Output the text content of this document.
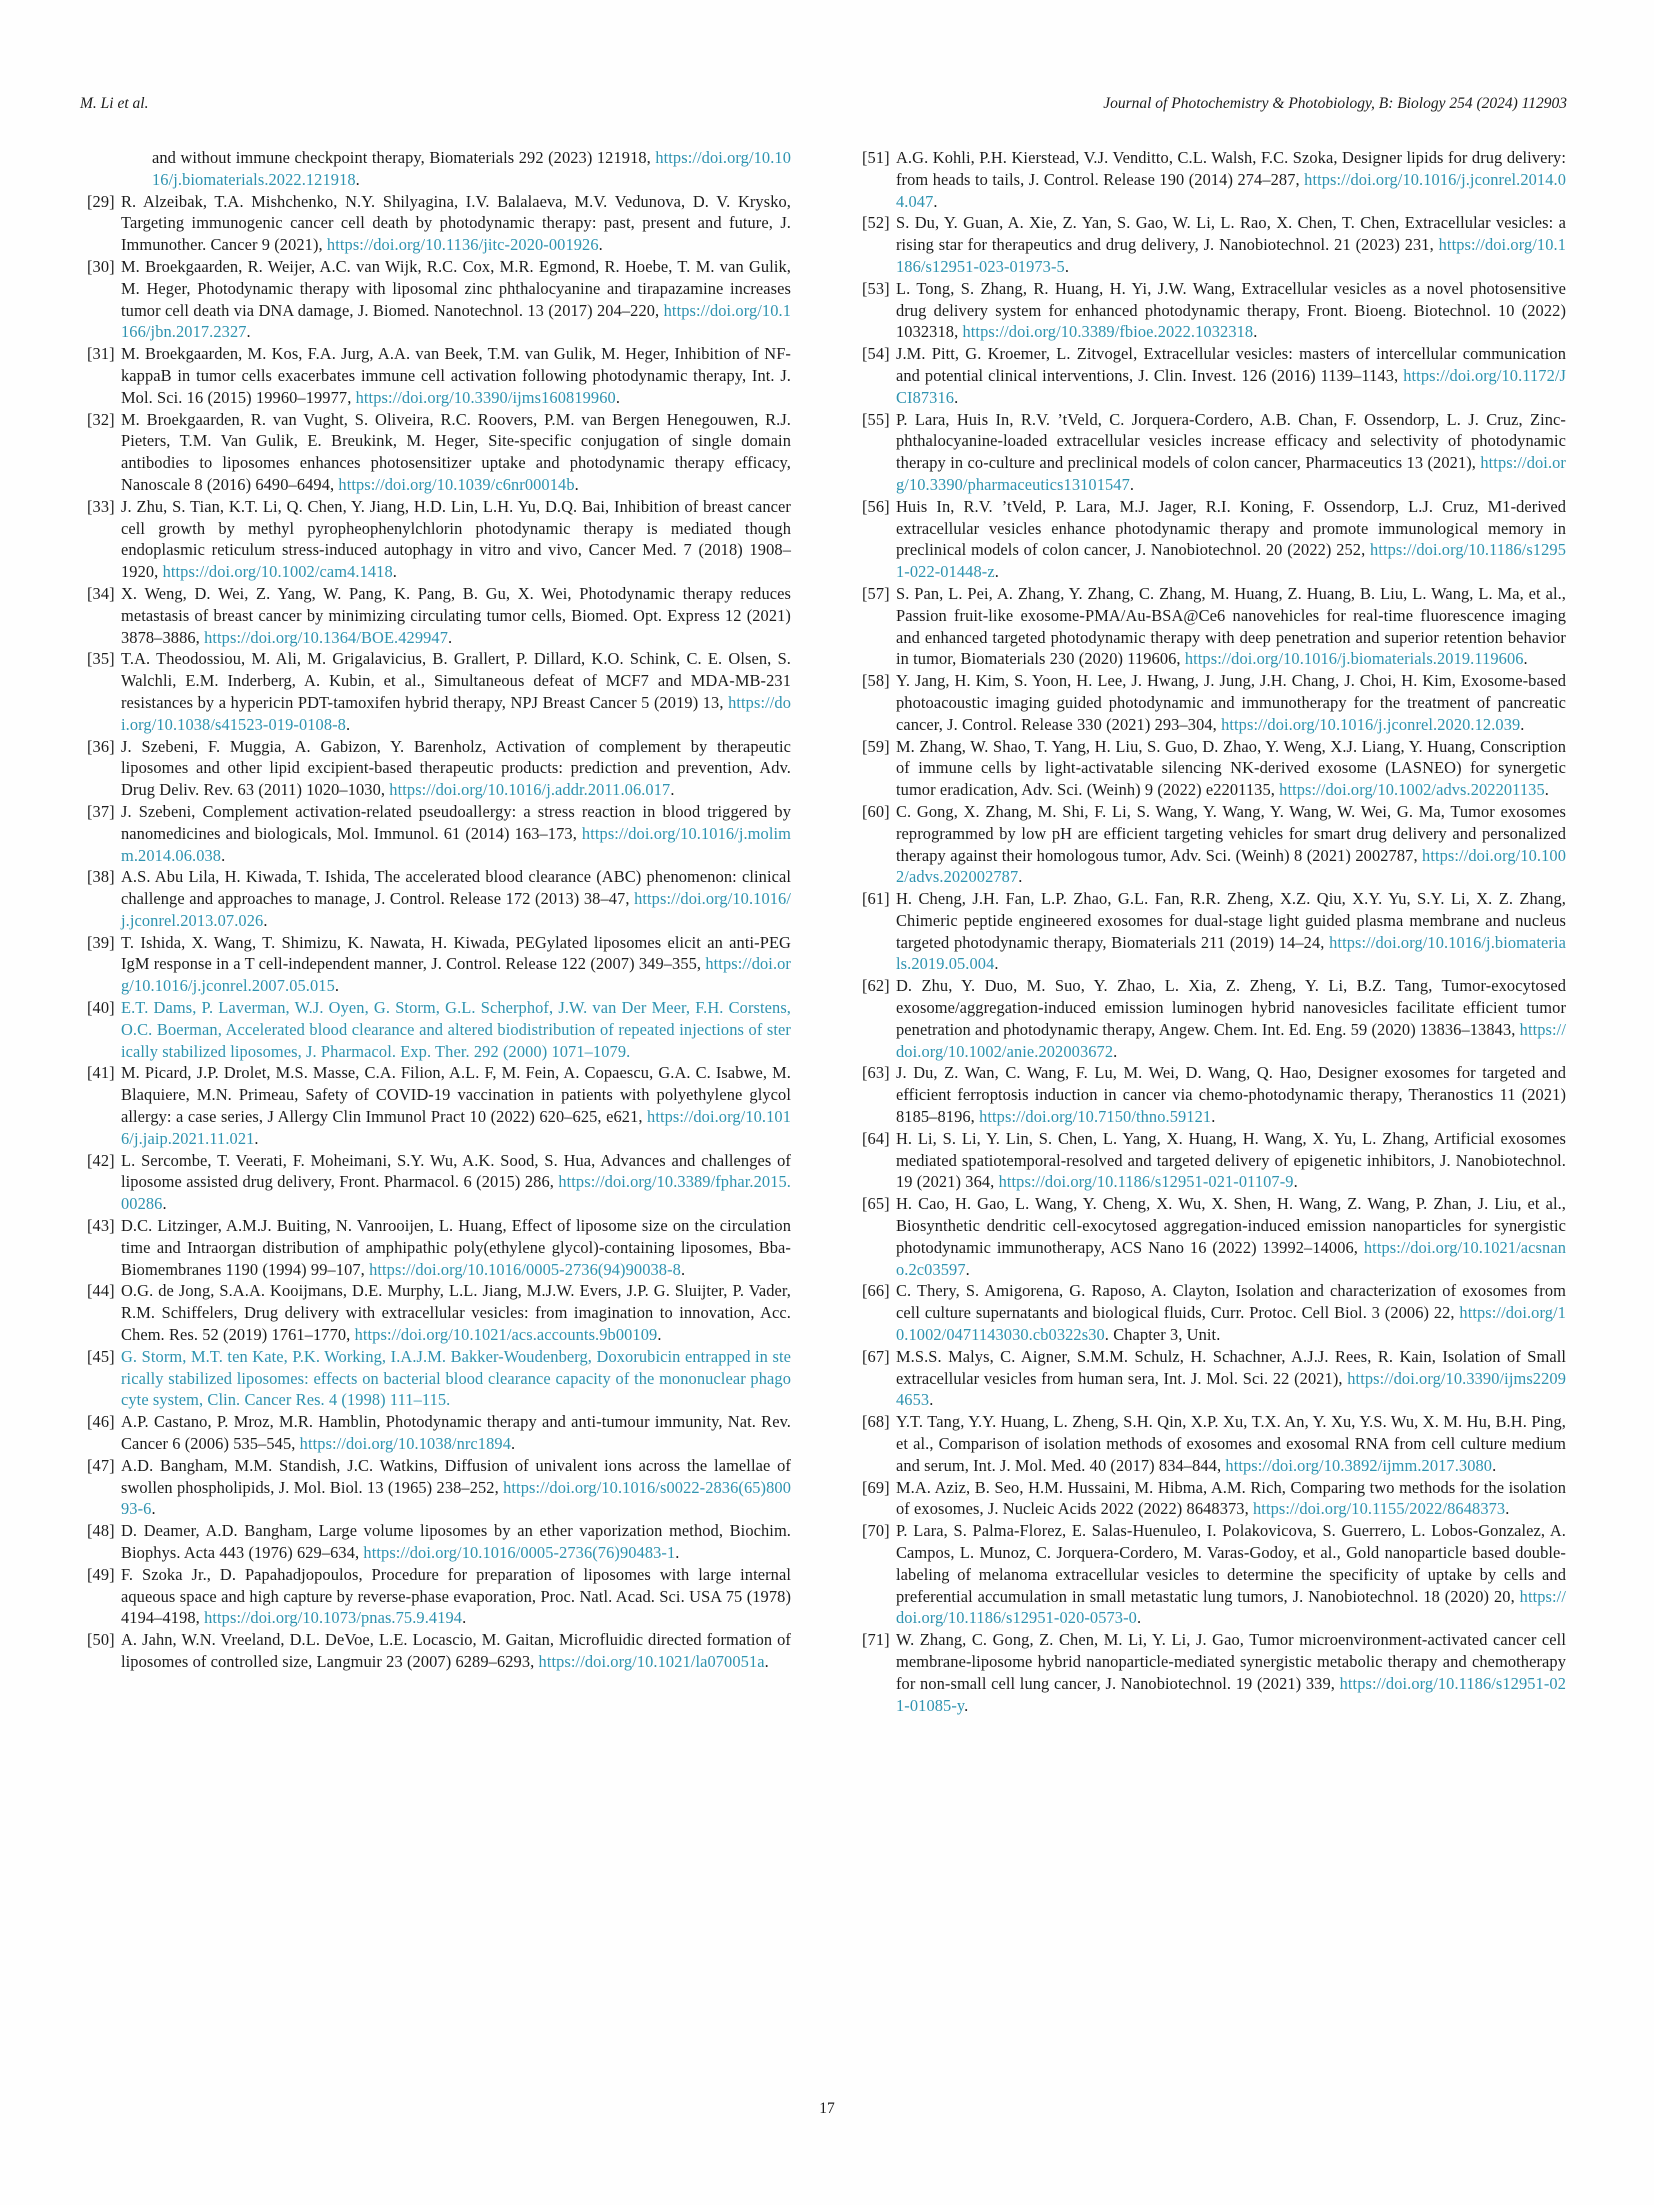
M. Li et al.	Journal of Photochemistry & Photobiology, B: Biology 254 (2024) 112903
and without immune checkpoint therapy, Biomaterials 292 (2023) 121918, https://doi.org/10.1016/j.biomaterials.2022.121918.
[29] R. Alzeibak, T.A. Mishchenko, N.Y. Shilyagina, I.V. Balalaeva, M.V. Vedunova, D. V. Krysko, Targeting immunogenic cancer cell death by photodynamic therapy: past, present and future, J. Immunother. Cancer 9 (2021), https://doi.org/10.1136/jitc-2020-001926.
[30] M. Broekgaarden, R. Weijer, A.C. van Wijk, R.C. Cox, M.R. Egmond, R. Hoebe, T. M. van Gulik, M. Heger, Photodynamic therapy with liposomal zinc phthalocyanine and tirapazamine increases tumor cell death via DNA damage, J. Biomed. Nanotechnol. 13 (2017) 204–220, https://doi.org/10.1166/jbn.2017.2327.
[31] M. Broekgaarden, M. Kos, F.A. Jurg, A.A. van Beek, T.M. van Gulik, M. Heger, Inhibition of NF-kappaB in tumor cells exacerbates immune cell activation following photodynamic therapy, Int. J. Mol. Sci. 16 (2015) 19960–19977, https://doi.org/10.3390/ijms160819960.
[32] M. Broekgaarden, R. van Vught, S. Oliveira, R.C. Roovers, P.M. van Bergen Henegouwen, R.J. Pieters, T.M. Van Gulik, E. Breukink, M. Heger, Site-specific conjugation of single domain antibodies to liposomes enhances photosensitizer uptake and photodynamic therapy efficacy, Nanoscale 8 (2016) 6490–6494, https://doi.org/10.1039/c6nr00014b.
[33] J. Zhu, S. Tian, K.T. Li, Q. Chen, Y. Jiang, H.D. Lin, L.H. Yu, D.Q. Bai, Inhibition of breast cancer cell growth by methyl pyropheophenylchlorin photodynamic therapy is mediated though endoplasmic reticulum stress-induced autophagy in vitro and vivo, Cancer Med. 7 (2018) 1908–1920, https://doi.org/10.1002/cam4.1418.
[34] X. Weng, D. Wei, Z. Yang, W. Pang, K. Pang, B. Gu, X. Wei, Photodynamic therapy reduces metastasis of breast cancer by minimizing circulating tumor cells, Biomed. Opt. Express 12 (2021) 3878–3886, https://doi.org/10.1364/BOE.429947.
[35] T.A. Theodossiou, M. Ali, M. Grigalavicius, B. Grallert, P. Dillard, K.O. Schink, C. E. Olsen, S. Walchli, E.M. Inderberg, A. Kubin, et al., Simultaneous defeat of MCF7 and MDA-MB-231 resistances by a hypericin PDT-tamoxifen hybrid therapy, NPJ Breast Cancer 5 (2019) 13, https://doi.org/10.1038/s41523-019-0108-8.
[36] J. Szebeni, F. Muggia, A. Gabizon, Y. Barenholz, Activation of complement by therapeutic liposomes and other lipid excipient-based therapeutic products: prediction and prevention, Adv. Drug Deliv. Rev. 63 (2011) 1020–1030, https://doi.org/10.1016/j.addr.2011.06.017.
[37] J. Szebeni, Complement activation-related pseudoallergy: a stress reaction in blood triggered by nanomedicines and biologicals, Mol. Immunol. 61 (2014) 163–173, https://doi.org/10.1016/j.molimm.2014.06.038.
[38] A.S. Abu Lila, H. Kiwada, T. Ishida, The accelerated blood clearance (ABC) phenomenon: clinical challenge and approaches to manage, J. Control. Release 172 (2013) 38–47, https://doi.org/10.1016/j.jconrel.2013.07.026.
[39] T. Ishida, X. Wang, T. Shimizu, K. Nawata, H. Kiwada, PEGylated liposomes elicit an anti-PEG IgM response in a T cell-independent manner, J. Control. Release 122 (2007) 349–355, https://doi.org/10.1016/j.jconrel.2007.05.015.
[40] E.T. Dams, P. Laverman, W.J. Oyen, G. Storm, G.L. Scherphof, J.W. van Der Meer, F.H. Corstens, O.C. Boerman, Accelerated blood clearance and altered biodistribution of repeated injections of sterically stabilized liposomes, J. Pharmacol. Exp. Ther. 292 (2000) 1071–1079.
[41] M. Picard, J.P. Drolet, M.S. Masse, C.A. Filion, A.L. F, M. Fein, A. Copaescu, G.A. C. Isabwe, M. Blaquiere, M.N. Primeau, Safety of COVID-19 vaccination in patients with polyethylene glycol allergy: a case series, J Allergy Clin Immunol Pract 10 (2022) 620–625, e621, https://doi.org/10.1016/j.jaip.2021.11.021.
[42] L. Sercombe, T. Veerati, F. Moheimani, S.Y. Wu, A.K. Sood, S. Hua, Advances and challenges of liposome assisted drug delivery, Front. Pharmacol. 6 (2015) 286, https://doi.org/10.3389/fphar.2015.00286.
[43] D.C. Litzinger, A.M.J. Buiting, N. Vanrooijen, L. Huang, Effect of liposome size on the circulation time and Intraorgan distribution of amphipathic poly(ethylene glycol)-containing liposomes, Bba-Biomembranes 1190 (1994) 99–107, https://doi.org/10.1016/0005-2736(94)90038-8.
[44] O.G. de Jong, S.A.A. Kooijmans, D.E. Murphy, L.L. Jiang, M.J.W. Evers, J.P. G. Sluijter, P. Vader, R.M. Schiffelers, Drug delivery with extracellular vesicles: from imagination to innovation, Acc. Chem. Res. 52 (2019) 1761–1770, https://doi.org/10.1021/acs.accounts.9b00109.
[45] G. Storm, M.T. ten Kate, P.K. Working, I.A.J.M. Bakker-Woudenberg, Doxorubicin entrapped in sterically stabilized liposomes: effects on bacterial blood clearance capacity of the mononuclear phagocyte system, Clin. Cancer Res. 4 (1998) 111–115.
[46] A.P. Castano, P. Mroz, M.R. Hamblin, Photodynamic therapy and anti-tumour immunity, Nat. Rev. Cancer 6 (2006) 535–545, https://doi.org/10.1038/nrc1894.
[47] A.D. Bangham, M.M. Standish, J.C. Watkins, Diffusion of univalent ions across the lamellae of swollen phospholipids, J. Mol. Biol. 13 (1965) 238–252, https://doi.org/10.1016/s0022-2836(65)80093-6.
[48] D. Deamer, A.D. Bangham, Large volume liposomes by an ether vaporization method, Biochim. Biophys. Acta 443 (1976) 629–634, https://doi.org/10.1016/0005-2736(76)90483-1.
[49] F. Szoka Jr., D. Papahadjopoulos, Procedure for preparation of liposomes with large internal aqueous space and high capture by reverse-phase evaporation, Proc. Natl. Acad. Sci. USA 75 (1978) 4194–4198, https://doi.org/10.1073/pnas.75.9.4194.
[50] A. Jahn, W.N. Vreeland, D.L. DeVoe, L.E. Locascio, M. Gaitan, Microfluidic directed formation of liposomes of controlled size, Langmuir 23 (2007) 6289–6293, https://doi.org/10.1021/la070051a.
[51] A.G. Kohli, P.H. Kierstead, V.J. Venditto, C.L. Walsh, F.C. Szoka, Designer lipids for drug delivery: from heads to tails, J. Control. Release 190 (2014) 274–287, https://doi.org/10.1016/j.jconrel.2014.04.047.
[52] S. Du, Y. Guan, A. Xie, Z. Yan, S. Gao, W. Li, L. Rao, X. Chen, T. Chen, Extracellular vesicles: a rising star for therapeutics and drug delivery, J. Nanobiotechnol. 21 (2023) 231, https://doi.org/10.1186/s12951-023-01973-5.
[53] L. Tong, S. Zhang, R. Huang, H. Yi, J.W. Wang, Extracellular vesicles as a novel photosensitive drug delivery system for enhanced photodynamic therapy, Front. Bioeng. Biotechnol. 10 (2022) 1032318, https://doi.org/10.3389/fbioe.2022.1032318.
[54] J.M. Pitt, G. Kroemer, L. Zitvogel, Extracellular vesicles: masters of intercellular communication and potential clinical interventions, J. Clin. Invest. 126 (2016) 1139–1143, https://doi.org/10.1172/JCI87316.
[55] P. Lara, Huis In, R.V. ’tVeld, C. Jorquera-Cordero, A.B. Chan, F. Ossendorp, L. J. Cruz, Zinc-phthalocyanine-loaded extracellular vesicles increase efficacy and selectivity of photodynamic therapy in co-culture and preclinical models of colon cancer, Pharmaceutics 13 (2021), https://doi.org/10.3390/pharmaceutics13101547.
[56] Huis In, R.V. ’tVeld, P. Lara, M.J. Jager, R.I. Koning, F. Ossendorp, L.J. Cruz, M1-derived extracellular vesicles enhance photodynamic therapy and promote immunological memory in preclinical models of colon cancer, J. Nanobiotechnol. 20 (2022) 252, https://doi.org/10.1186/s12951-022-01448-z.
[57] S. Pan, L. Pei, A. Zhang, Y. Zhang, C. Zhang, M. Huang, Z. Huang, B. Liu, L. Wang, L. Ma, et al., Passion fruit-like exosome-PMA/Au-BSA@Ce6 nanovehicles for real-time fluorescence imaging and enhanced targeted photodynamic therapy with deep penetration and superior retention behavior in tumor, Biomaterials 230 (2020) 119606, https://doi.org/10.1016/j.biomaterials.2019.119606.
[58] Y. Jang, H. Kim, S. Yoon, H. Lee, J. Hwang, J. Jung, J.H. Chang, J. Choi, H. Kim, Exosome-based photoacoustic imaging guided photodynamic and immunotherapy for the treatment of pancreatic cancer, J. Control. Release 330 (2021) 293–304, https://doi.org/10.1016/j.jconrel.2020.12.039.
[59] M. Zhang, W. Shao, T. Yang, H. Liu, S. Guo, D. Zhao, Y. Weng, X.J. Liang, Y. Huang, Conscription of immune cells by light-activatable silencing NK-derived exosome (LASNEO) for synergetic tumor eradication, Adv. Sci. (Weinh) 9 (2022) e2201135, https://doi.org/10.1002/advs.202201135.
[60] C. Gong, X. Zhang, M. Shi, F. Li, S. Wang, Y. Wang, Y. Wang, W. Wei, G. Ma, Tumor exosomes reprogrammed by low pH are efficient targeting vehicles for smart drug delivery and personalized therapy against their homologous tumor, Adv. Sci. (Weinh) 8 (2021) 2002787, https://doi.org/10.1002/advs.202002787.
[61] H. Cheng, J.H. Fan, L.P. Zhao, G.L. Fan, R.R. Zheng, X.Z. Qiu, X.Y. Yu, S.Y. Li, X. Z. Zhang, Chimeric peptide engineered exosomes for dual-stage light guided plasma membrane and nucleus targeted photodynamic therapy, Biomaterials 211 (2019) 14–24, https://doi.org/10.1016/j.biomaterials.2019.05.004.
[62] D. Zhu, Y. Duo, M. Suo, Y. Zhao, L. Xia, Z. Zheng, Y. Li, B.Z. Tang, Tumor-exocytosed exosome/aggregation-induced emission luminogen hybrid nanovesicles facilitate efficient tumor penetration and photodynamic therapy, Angew. Chem. Int. Ed. Eng. 59 (2020) 13836–13843, https://doi.org/10.1002/anie.202003672.
[63] J. Du, Z. Wan, C. Wang, F. Lu, M. Wei, D. Wang, Q. Hao, Designer exosomes for targeted and efficient ferroptosis induction in cancer via chemo-photodynamic therapy, Theranostics 11 (2021) 8185–8196, https://doi.org/10.7150/thno.59121.
[64] H. Li, S. Li, Y. Lin, S. Chen, L. Yang, X. Huang, H. Wang, X. Yu, L. Zhang, Artificial exosomes mediated spatiotemporal-resolved and targeted delivery of epigenetic inhibitors, J. Nanobiotechnol. 19 (2021) 364, https://doi.org/10.1186/s12951-021-01107-9.
[65] H. Cao, H. Gao, L. Wang, Y. Cheng, X. Wu, X. Shen, H. Wang, Z. Wang, P. Zhan, J. Liu, et al., Biosynthetic dendritic cell-exocytosed aggregation-induced emission nanoparticles for synergistic photodynamic immunotherapy, ACS Nano 16 (2022) 13992–14006, https://doi.org/10.1021/acsnano.2c03597.
[66] C. Thery, S. Amigorena, G. Raposo, A. Clayton, Isolation and characterization of exosomes from cell culture supernatants and biological fluids, Curr. Protoc. Cell Biol. 3 (2006) 22, https://doi.org/10.1002/0471143030.cb0322s30. Chapter 3, Unit.
[67] M.S.S. Malys, C. Aigner, S.M.M. Schulz, H. Schachner, A.J.J. Rees, R. Kain, Isolation of Small extracellular vesicles from human sera, Int. J. Mol. Sci. 22 (2021), https://doi.org/10.3390/ijms22094653.
[68] Y.T. Tang, Y.Y. Huang, L. Zheng, S.H. Qin, X.P. Xu, T.X. An, Y. Xu, Y.S. Wu, X. M. Hu, B.H. Ping, et al., Comparison of isolation methods of exosomes and exosomal RNA from cell culture medium and serum, Int. J. Mol. Med. 40 (2017) 834–844, https://doi.org/10.3892/ijmm.2017.3080.
[69] M.A. Aziz, B. Seo, H.M. Hussaini, M. Hibma, A.M. Rich, Comparing two methods for the isolation of exosomes, J. Nucleic Acids 2022 (2022) 8648373, https://doi.org/10.1155/2022/8648373.
[70] P. Lara, S. Palma-Florez, E. Salas-Huenuleo, I. Polakovicova, S. Guerrero, L. Lobos-Gonzalez, A. Campos, L. Munoz, C. Jorquera-Cordero, M. Varas-Godoy, et al., Gold nanoparticle based double-labeling of melanoma extracellular vesicles to determine the specificity of uptake by cells and preferential accumulation in small metastatic lung tumors, J. Nanobiotechnol. 18 (2020) 20, https://doi.org/10.1186/s12951-020-0573-0.
[71] W. Zhang, C. Gong, Z. Chen, M. Li, Y. Li, J. Gao, Tumor microenvironment-activated cancer cell membrane-liposome hybrid nanoparticle-mediated synergistic metabolic therapy and chemotherapy for non-small cell lung cancer, J. Nanobiotechnol. 19 (2021) 339, https://doi.org/10.1186/s12951-021-01085-y.
17
